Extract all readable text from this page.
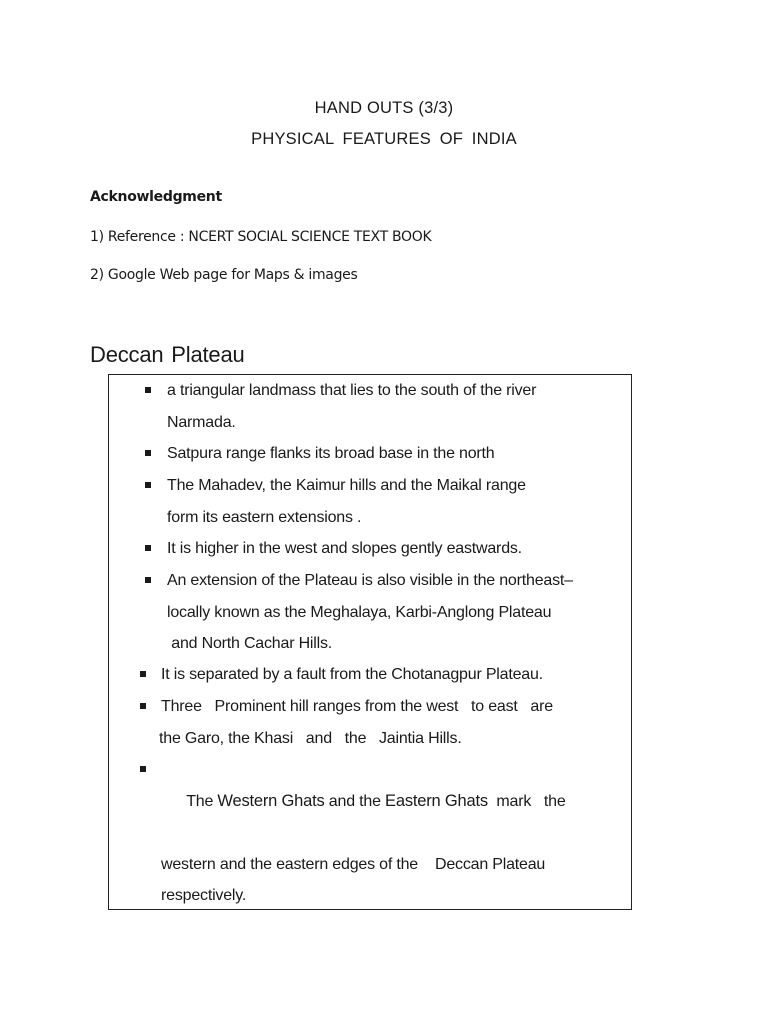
HAND OUTS (3/3)
PHYSICAL FEATURES OF INDIA
Acknowledgment
1) Reference : NCERT SOCIAL SCIENCE TEXT BOOK
2) Google Web page for Maps & images
Deccan Plateau
a triangular landmass that lies to the south of the river
Narmada.
Satpura range flanks its broad base in the north
The Mahadev, the Kaimur hills and the Maikal range
form its eastern extensions .
It is higher in the west and slopes gently eastwards.
An extension of the Plateau is also visible in the northeast–
locally known as the Meghalaya, Karbi-Anglong Plateau
and North Cachar Hills.
It is separated by a fault from the Chotanagpur Plateau.
Three   Prominent hill ranges from the west   to east   are
the Garo, the Khasi   and   the   Jaintia Hills.

The Western Ghats and the Eastern Ghats  mark   the

western and the eastern edges of the    Deccan Plateau
respectively.
